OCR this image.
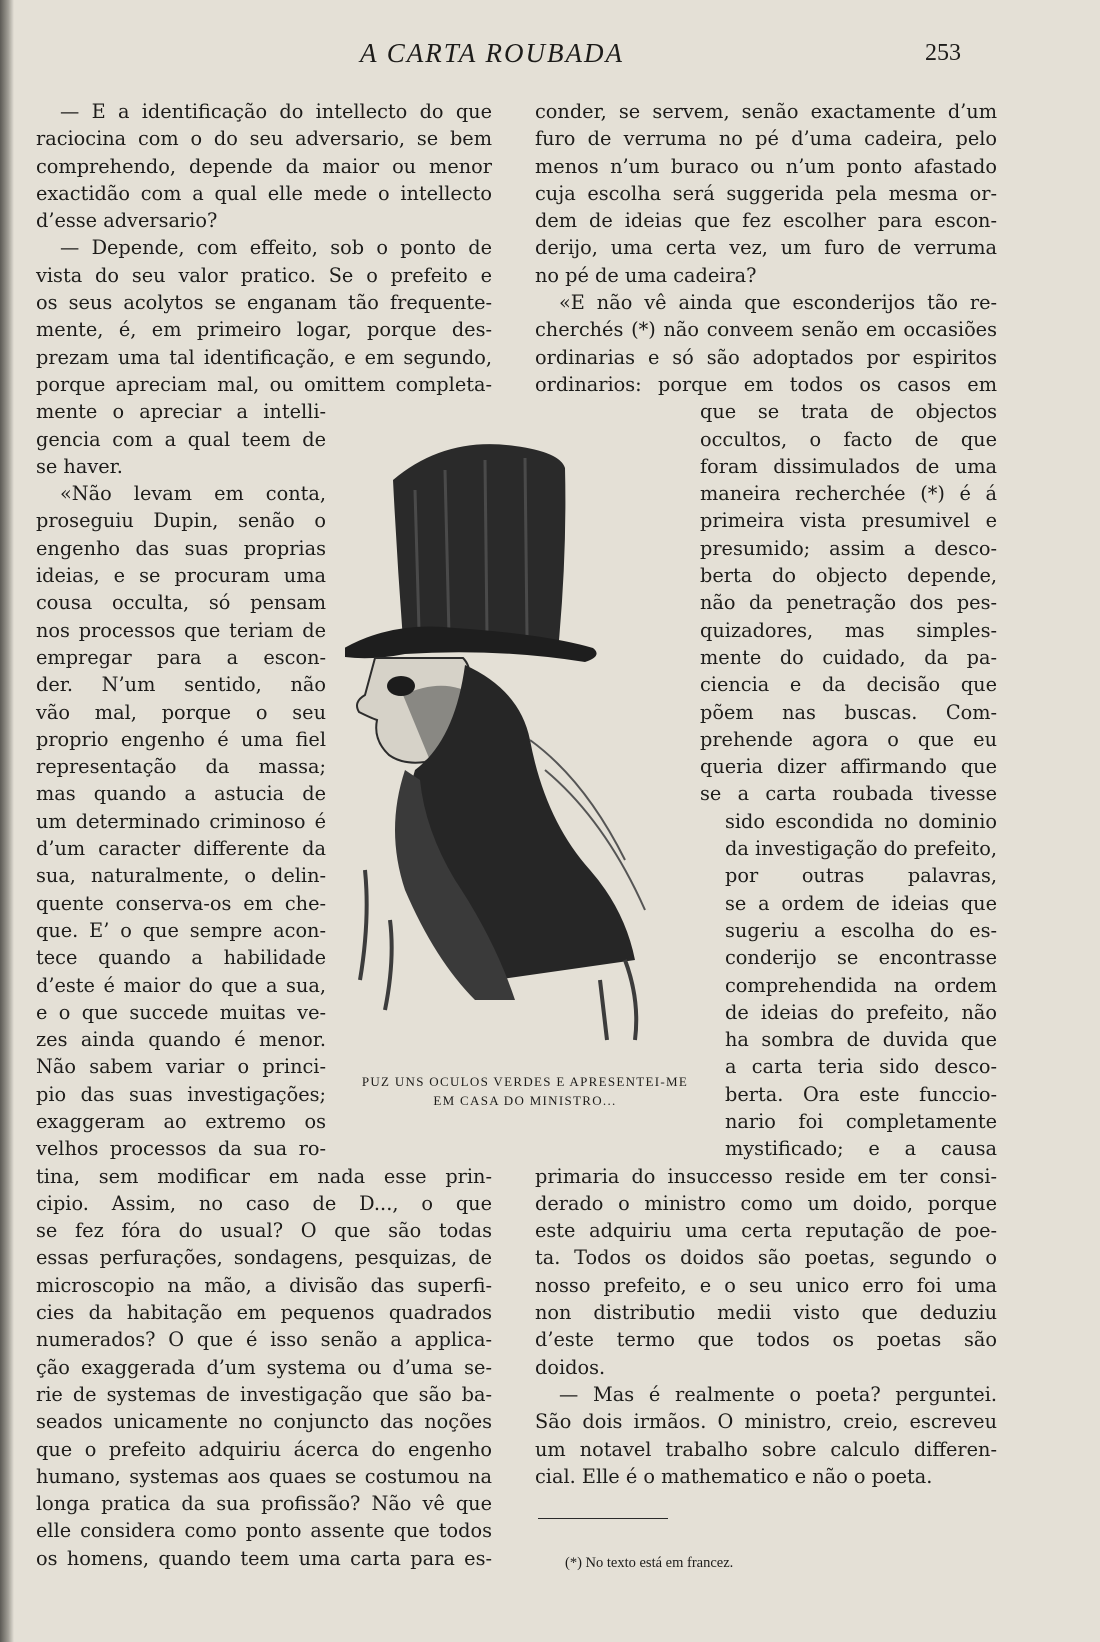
A CARTA ROUBADA	253

— E a identificação do intellecto do que

raciocina com o do seu adversario, se bem

comprehendo, depende da maior ou menor

exactidão com a qual elle mede o intellecto

d’esse adversario?

— Depende, com effeito, sob o ponto de

vista do seu valor pratico. Se o prefeito e

os seus acolytos se enganam tão frequente-

mente, é, em primeiro logar, porque des-

prezam uma tal identificação, e em segundo,

porque apreciam mal, ou omittem completa-

mente o apreciar a intelli-

gencia com a qual teem de

se haver.

«Não levam em conta,

proseguiu Dupin, senão o

engenho das suas proprias

ideias, e se procuram uma

cousa occulta, só pensam

nos processos que teriam de

empregar para a escon-

der. N’um sentido, não

vão mal, porque o seu

proprio engenho é uma fiel

representação da massa;

mas quando a astucia de

um determinado criminoso é

d’um caracter differente da

sua, naturalmente, o delin-

quente conserva-os em che-

que. E’ o que sempre acon-

tece quando a habilidade

d’este é maior do que a sua,

e o que succede muitas ve-

zes ainda quando é menor.

Não sabem variar o princi-

pio das suas investigações;

exaggeram ao extremo os

velhos processos da sua ro-

tina, sem modificar em nada esse prin-

cipio. Assim, no caso de D..., o que

se fez fóra do usual? O que são todas

essas perfurações, sondagens, pesquizas, de

microscopio na mão, a divisão das superfi-

cies da habitação em pequenos quadrados

numerados? O que é isso senão a applica-

ção exaggerada d’um systema ou d’uma se-

rie de systemas de investigação que são ba-

seados unicamente no conjuncto das noções

que o prefeito adquiriu ácerca do engenho

humano, systemas aos quaes se costumou na

longa pratica da sua profissão? Não vê que

elle considera como ponto assente que todos

os homens, quando teem uma carta para es-

conder, se servem, senão exactamente d’um

furo de verruma no pé d’uma cadeira, pelo

menos n’um buraco ou n’um ponto afastado

cuja escolha será suggerida pela mesma or-

dem de ideias que fez escolher para escon-

derijo, uma certa vez, um furo de verruma

no pé de uma cadeira?

«E não vê ainda que esconderijos tão re-

cherchés (*) não conveem senão em occasiões

ordinarias e só são adoptados por espiritos

ordinarios: porque em todos os casos em

que se trata de objectos

occultos, o facto de que

foram dissimulados de uma

maneira recherchée (*) é á

primeira vista presumivel e

presumido; assim a desco-

berta do objecto depende,

não da penetração dos pes-

quizadores, mas simples-

mente do cuidado, da pa-

ciencia e da decisão que

põem nas buscas. Com-

prehende agora o que eu

queria dizer affirmando que

se a carta roubada tivesse

sido escondida no dominio

da investigação do prefeito,

por outras palavras,

se a ordem de ideias que

sugeriu a escolha do es-

conderijo se encontrasse

comprehendida na ordem

de ideias do prefeito, não

ha sombra de duvida que

a carta teria sido desco-

berta. Ora este funccio-

nario foi completamente

mystificado; e a causa

primaria do insuccesso reside em ter consi-

derado o ministro como um doido, porque

este adquiriu uma certa reputação de poe-

ta. Todos os doidos são poetas, segundo o

nosso prefeito, e o seu unico erro foi uma

non distributio medii visto que deduziu

d’este termo que todos os poetas são

doidos.

— Mas é realmente o poeta? perguntei.

São dois irmãos. O ministro, creio, escreveu

um notavel trabalho sobre calculo differen-

cial. Elle é o mathematico e não o poeta.

PUZ UNS OCULOS VERDES E APRESENTEI-ME
EM CASA DO MINISTRO...
(*) No texto está em francez.
